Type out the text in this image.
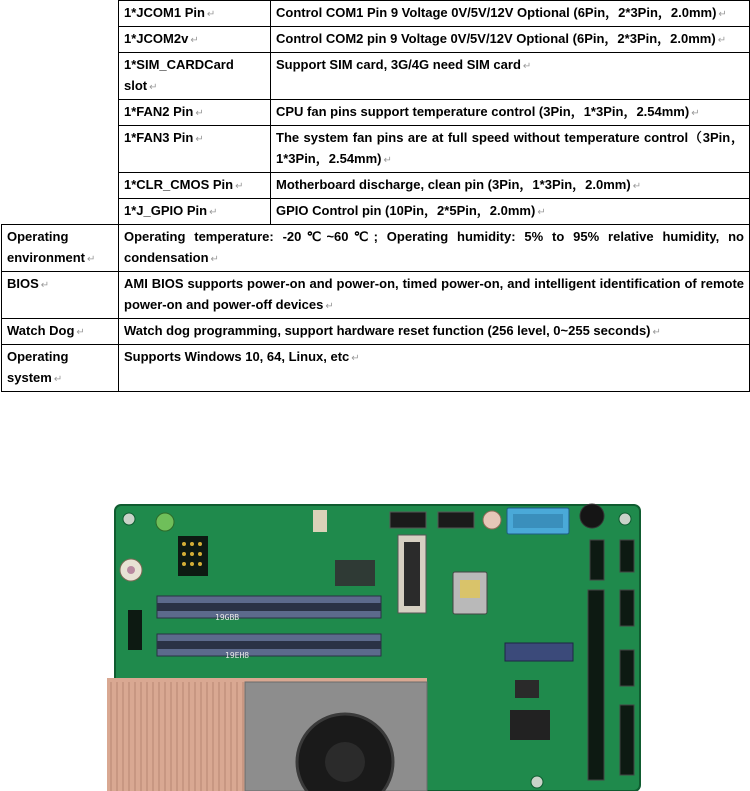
	1*JCOM1 Pin ↵	Control COM1 Pin 9 Voltage 0V/5V/12V Optional (6Pin，2*3Pin，2.0mm) ↵
	1*JCOM2v ↵	Control COM2 pin 9 Voltage 0V/5V/12V Optional (6Pin，2*3Pin，2.0mm) ↵
	1*SIM_CARDCard slot ↵	Support SIM card, 3G/4G need SIM card ↵
	1*FAN2 Pin ↵	CPU fan pins support temperature control (3Pin，1*3Pin，2.54mm) ↵
	1*FAN3 Pin ↵	The system fan pins are at full speed without temperature control（3Pin，1*3Pin，2.54mm) ↵
	1*CLR_CMOS Pin ↵	Motherboard discharge, clean pin (3Pin，1*3Pin，2.0mm) ↵
	1*J_GPIO Pin ↵	GPIO Control pin (10Pin，2*5Pin，2.0mm) ↵
Operating environment ↵	Operating temperature: -20℃~60℃; Operating humidity: 5% to 95% relative humidity, no condensation ↵	
BIOS ↵	AMI BIOS supports power-on and power-on, timed power-on, and intelligent identification of remote power-on and power-off devices ↵	
Watch Dog ↵	Watch dog programming, support hardware reset function (256 level, 0~255 seconds) ↵	
Operating system ↵	Supports Windows 10, 64, Linux, etc ↵	
19GBB
19EH8
